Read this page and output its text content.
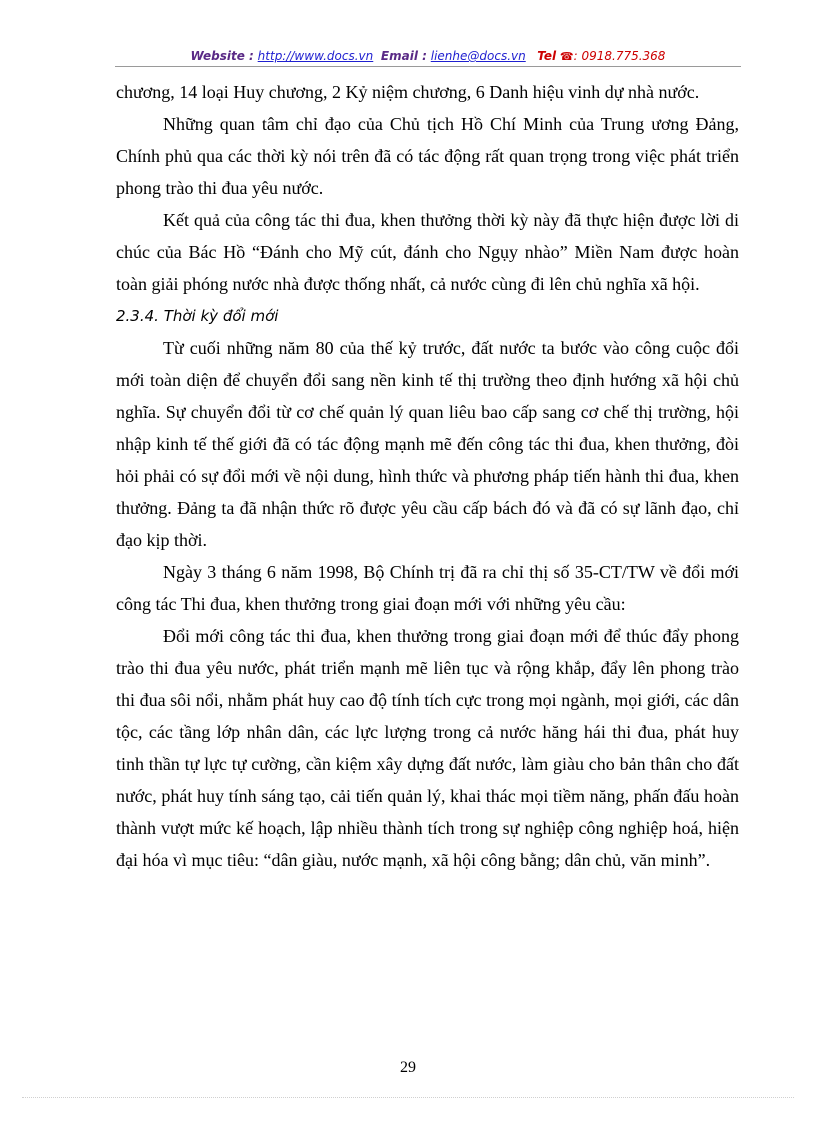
Website : http://www.docs.vn Email : lienhe@docs.vn Tel ☎: 0918.775.368

chương, 14 loại Huy chương, 2 Kỷ niệm chương, 6 Danh hiệu vinh dự nhà nước.

Những quan tâm chỉ đạo của Chủ tịch Hồ Chí Minh của Trung ương Đảng, Chính phủ qua các thời kỳ nói trên đã có tác động rất quan trọng trong việc phát triển phong trào thi đua yêu nước.

Kết quả của công tác thi đua, khen thưởng thời kỳ này đã thực hiện được lời di chúc của Bác Hồ “Đánh cho Mỹ cút, đánh cho Ngụy nhào” Miền Nam được hoàn toàn giải phóng nước nhà được thống nhất, cả nước cùng đi lên chủ nghĩa xã hội.

2.3.4. Thời kỳ đổi mới

Từ cuối những năm 80 của thế kỷ trước, đất nước ta bước vào công cuộc đổi mới toàn diện để chuyển đổi sang nền kinh tế thị trường theo định hướng xã hội chủ nghĩa. Sự chuyển đổi từ cơ chế quản lý quan liêu bao cấp sang cơ chế thị trường, hội nhập kinh tế thế giới đã có tác động mạnh mẽ đến công tác thi đua, khen thưởng, đòi hỏi phải có sự đổi mới về nội dung, hình thức và phương pháp tiến hành thi đua, khen thưởng. Đảng ta đã nhận thức rõ được yêu cầu cấp bách đó và đã có sự lãnh đạo, chỉ đạo kịp thời.

Ngày 3 tháng 6 năm 1998, Bộ Chính trị đã ra chỉ thị số 35-CT/TW về đổi mới công tác Thi đua, khen thưởng trong giai đoạn mới với những yêu cầu:

Đổi mới công tác thi đua, khen thưởng trong giai đoạn mới để thúc đẩy phong trào thi đua yêu nước, phát triển mạnh mẽ liên tục và rộng khắp, đẩy lên phong trào thi đua sôi nổi, nhằm phát huy cao độ tính tích cực trong mọi ngành, mọi giới, các dân tộc, các tầng lớp nhân dân, các lực lượng trong cả nước hăng hái thi đua, phát huy tinh thần tự lực tự cường, cần kiệm xây dựng đất nước, làm giàu cho bản thân cho đất nước, phát huy tính sáng tạo, cải tiến quản lý, khai thác mọi tiềm năng, phấn đấu hoàn thành vượt mức kế hoạch, lập nhiều thành tích trong sự nghiệp công nghiệp hoá, hiện đại hóa vì mục tiêu: “dân giàu, nước mạnh, xã hội công bằng; dân chủ, văn minh”.

29
